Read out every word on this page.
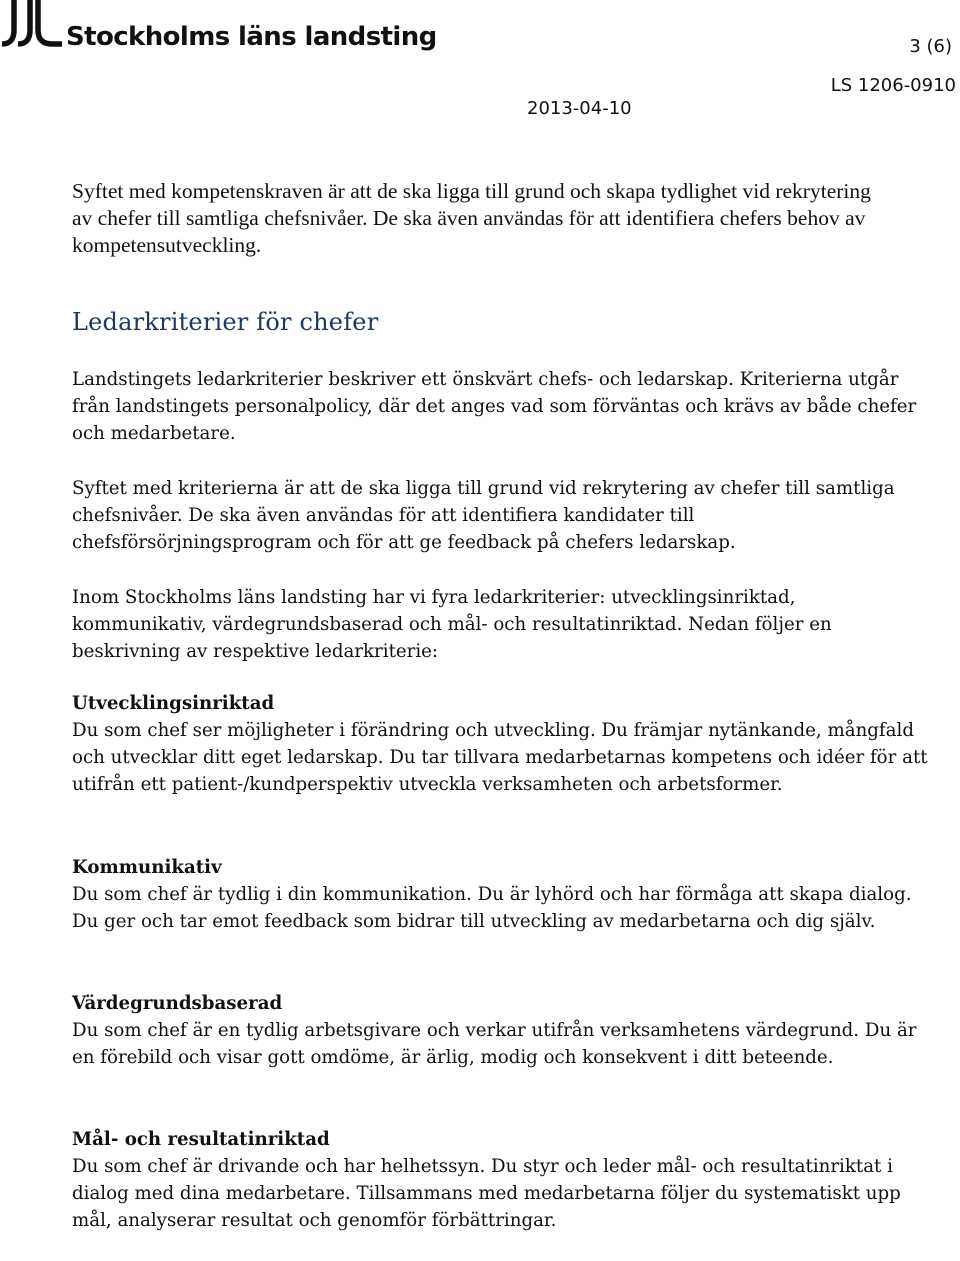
Stockholms läns landsting	3 (6)
LS 1206-0910
2013-04-10

Syftet med kompetenskraven är att de ska ligga till grund och skapa tydlighet vid rekrytering av chefer till samtliga chefsnivåer. De ska även användas för att identifiera chefers behov av kompetensutveckling.

Ledarkriterier för chefer

Landstingets ledarkriterier beskriver ett önskvärt chefs- och ledarskap. Kriterierna utgår från landstingets personalpolicy, där det anges vad som förväntas och krävs av både chefer och medarbetare.

Syftet med kriterierna är att de ska ligga till grund vid rekrytering av chefer till samtliga chefsnivåer. De ska även användas för att identifiera kandidater till chefsförsörjningsprogram och för att ge feedback på chefers ledarskap.

Inom Stockholms läns landsting har vi fyra ledarkriterier: utvecklingsinriktad, kommunikativ, värdegrundsbaserad och mål- och resultatinriktad. Nedan följer en beskrivning av respektive ledarkriterie:

Utvecklingsinriktad
Du som chef ser möjligheter i förändring och utveckling. Du främjar nytänkande, mångfald och utvecklar ditt eget ledarskap. Du tar tillvara medarbetarnas kompetens och idéer för att utifrån ett patient-/kundperspektiv utveckla verksamheten och arbetsformer.
Kommunikativ
Du som chef är tydlig i din kommunikation. Du är lyhörd och har förmåga att skapa dialog. Du ger och tar emot feedback som bidrar till utveckling av medarbetarna och dig själv.
Värdegrundsbaserad
Du som chef är en tydlig arbetsgivare och verkar utifrån verksamhetens värdegrund. Du är en förebild och visar gott omdöme, är ärlig, modig och konsekvent i ditt beteende.
Mål- och resultatinriktad
Du som chef är drivande och har helhetssyn. Du styr och leder mål- och resultatinriktat i dialog med dina medarbetare. Tillsammans med medarbetarna följer du systematiskt upp mål, analyserar resultat och genomför förbättringar.
